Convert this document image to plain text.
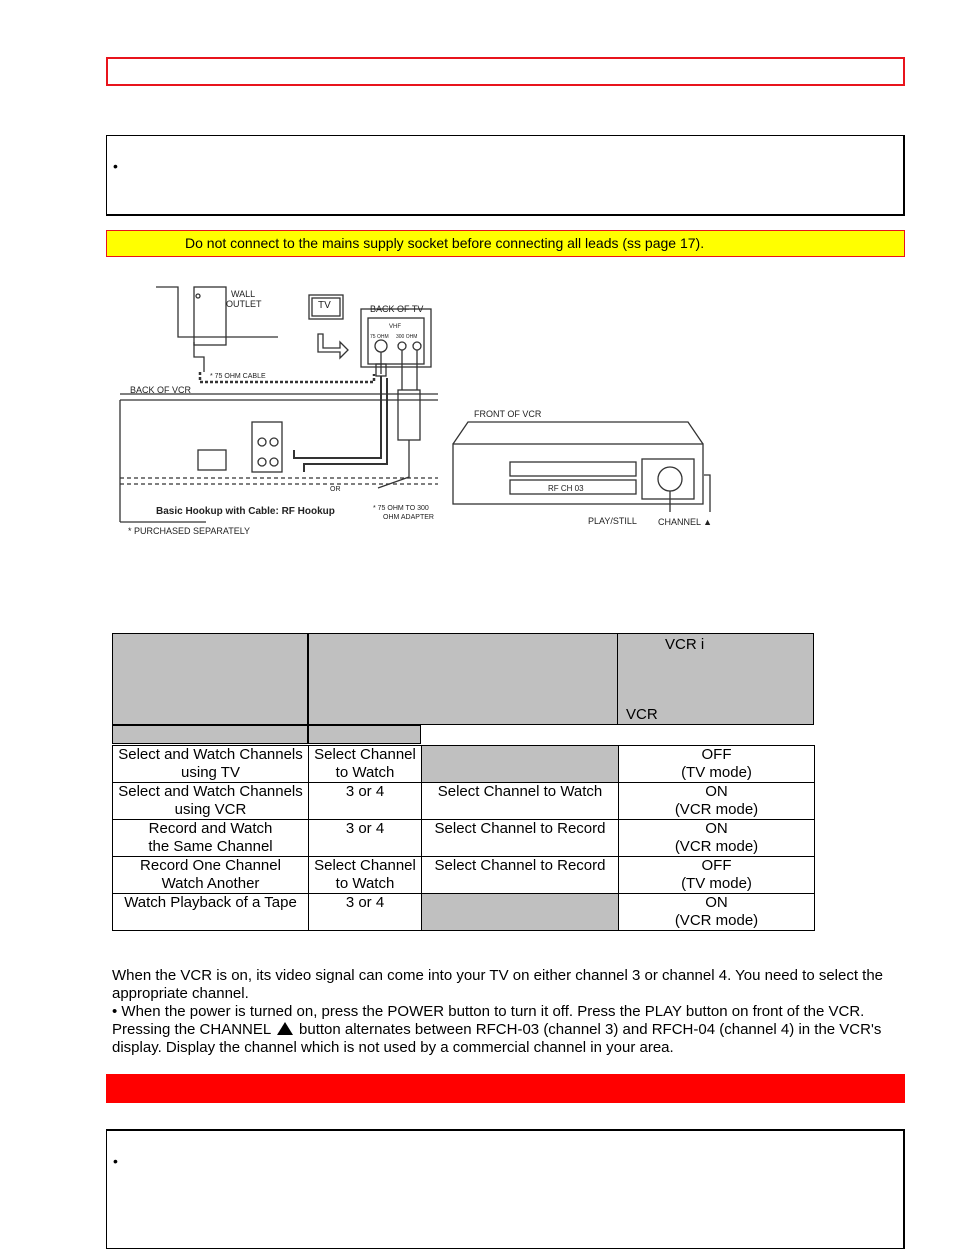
•
Do not connect to the mains supply socket before connecting all leads (ss page 17).
WALL
OUTLET	TV	BACK OF TV
VHF
75 OHM 300 OHM
* 75 OHM CABLE
BACK OF VCR
FRONT OF VCR
OR
* 75 OHM TO 300
OHM ADAPTER
Basic Hookup with Cable: RF Hookup
* PURCHASED SEPARATELY
PLAY/STILL CHANNEL ▲
RF CH 03
VCR i
VCR
Select and Watch Channels
using TV	Select Channel
to Watch		OFF
(TV mode)
Select and Watch Channels
using VCR	3 or 4	Select Channel to Watch	ON
(VCR mode)
Record and Watch
the Same Channel	3 or 4	Select Channel to Record	ON
(VCR mode)
Record One Channel
Watch Another	Select Channel
to Watch	Select Channel to Record	OFF
(TV mode)
Watch Playback of a Tape	3 or 4		ON
(VCR mode)
When the VCR is on, its video signal can come into your TV on either channel 3 or channel 4. You need to select the appropriate channel.
• When the power is turned on, press the POWER button to turn it off. Press the PLAY button on front of the VCR. Pressing the CHANNEL button alternates between RFCH-03 (channel 3) and RFCH-04 (channel 4) in the VCR's display. Display the channel which is not used by a commercial channel in your area.
•
